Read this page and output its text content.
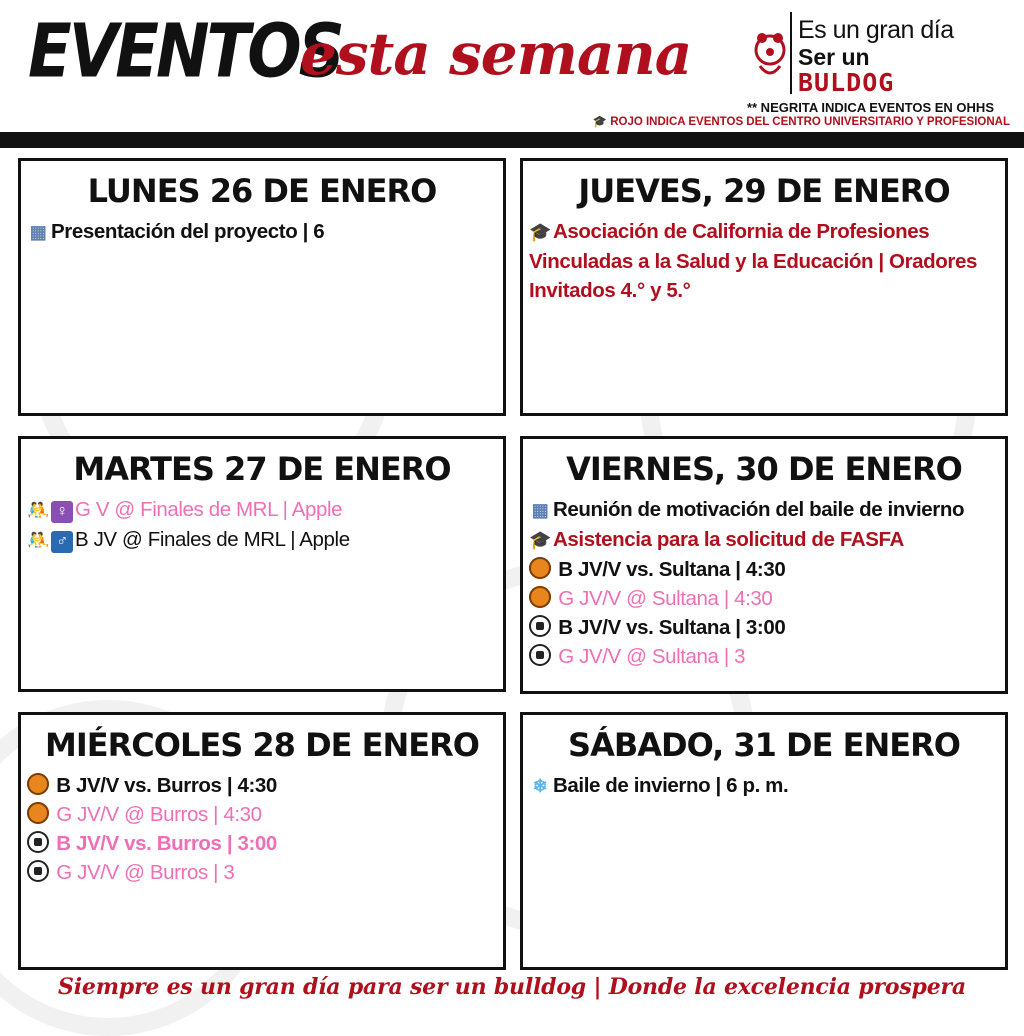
EVENTOS
esta semana	Es un gran día
Ser un
BULDOG
** NEGRITA INDICA EVENTOS EN OHHS
🎓 ROJO INDICA EVENTOS DEL CENTRO UNIVERSITARIO Y PROFESIONAL
LUNES 26 DE ENERO
▦ Presentación del proyecto | 6
JUEVES, 29 DE ENERO
🎓Asociación de California de Profesiones Vinculadas a la Salud y la Educación | Oradores Invitados 4.° y 5.°
MARTES 27 DE ENERO
🤼 ♀ G V @ Finales de MRL | Apple
🤼 ♂ B JV @ Finales de MRL | Apple
VIERNES, 30 DE ENERO
▦ Reunión de motivación del baile de invierno
🎓Asistencia para la solicitud de FASFA
B JV/V vs. Sultana | 4:30
G JV/V @ Sultana | 4:30
B JV/V vs. Sultana | 3:00
G JV/V @ Sultana | 3
MIÉRCOLES 28 DE ENERO
B JV/V vs. Burros | 4:30
G JV/V @ Burros | 4:30
B JV/V vs. Burros | 3:00
G JV/V @ Burros | 3
SÁBADO, 31 DE ENERO
❄ Baile de invierno | 6 p. m.
Siempre es un gran día para ser un bulldog | Donde la excelencia prospera
